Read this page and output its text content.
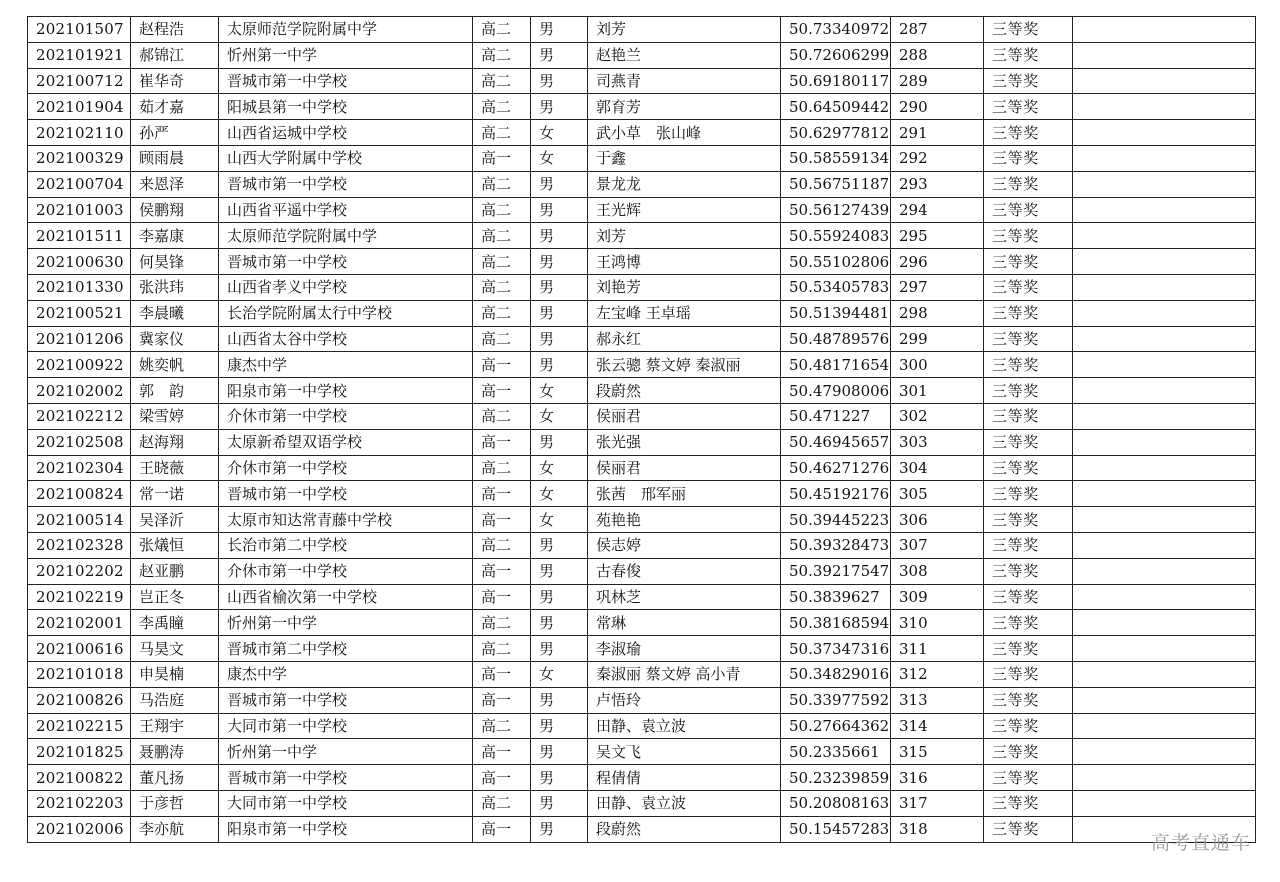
202101507	赵程浩	太原师范学院附属中学	高二	男	刘芳	50.73340972	287	三等奖	
202101921	郝锦江	忻州第一中学	高二	男	赵艳兰	50.72606299	288	三等奖	
202100712	崔华奇	晋城市第一中学校	高二	男	司燕青	50.69180117	289	三等奖	
202101904	茹才嘉	阳城县第一中学校	高二	男	郭育芳	50.64509442	290	三等奖	
202102110	孙严	山西省运城中学校	高二	女	武小草　张山峰	50.62977812	291	三等奖	
202100329	顾雨晨	山西大学附属中学校	高一	女	于鑫	50.58559134	292	三等奖	
202100704	来恩泽	晋城市第一中学校	高二	男	景龙龙	50.56751187	293	三等奖	
202101003	侯鹏翔	山西省平遥中学校	高二	男	王光辉	50.56127439	294	三等奖	
202101511	李嘉康	太原师范学院附属中学	高二	男	刘芳	50.55924083	295	三等奖	
202100630	何昊锋	晋城市第一中学校	高二	男	王鸿博	50.55102806	296	三等奖	
202101330	张洪玮	山西省孝义中学校	高二	男	刘艳芳	50.53405783	297	三等奖	
202100521	李晨曦	长治学院附属太行中学校	高二	男	左宝峰 王卓瑶	50.51394481	298	三等奖	
202101206	冀家仪	山西省太谷中学校	高二	男	郝永红	50.48789576	299	三等奖	
202100922	姚奕帆	康杰中学	高一	男	张云骢 蔡文婷 秦淑丽	50.48171654	300	三等奖	
202102002	郭　韵	阳泉市第一中学校	高一	女	段蔚然	50.47908006	301	三等奖	
202102212	梁雪婷	介休市第一中学校	高二	女	侯丽君	50.471227	302	三等奖	
202102508	赵海翔	太原新希望双语学校	高一	男	张光强	50.46945657	303	三等奖	
202102304	王晓薇	介休市第一中学校	高二	女	侯丽君	50.46271276	304	三等奖	
202100824	常一诺	晋城市第一中学校	高一	女	张茜　邢军丽	50.45192176	305	三等奖	
202100514	吴泽沂	太原市知达常青藤中学校	高一	女	苑艳艳	50.39445223	306	三等奖	
202102328	张燨恒	长治市第二中学校	高二	男	侯志婷	50.39328473	307	三等奖	
202102202	赵亚鹏	介休市第一中学校	高一	男	古春俊	50.39217547	308	三等奖	
202102219	岂正冬	山西省榆次第一中学校	高一	男	巩林芝	50.3839627	309	三等奖	
202102001	李禹瞳	忻州第一中学	高二	男	常琳	50.38168594	310	三等奖	
202100616	马昊文	晋城市第二中学校	高二	男	李淑瑜	50.37347316	311	三等奖	
202101018	申昊楠	康杰中学	高一	女	秦淑丽 蔡文婷 高小青	50.34829016	312	三等奖	
202100826	马浩庭	晋城市第一中学校	高一	男	卢悟玲	50.33977592	313	三等奖	
202102215	王翔宇	大同市第一中学校	高二	男	田静、袁立波	50.27664362	314	三等奖	
202101825	聂鹏涛	忻州第一中学	高一	男	吴文飞	50.2335661	315	三等奖	
202100822	董凡扬	晋城市第一中学校	高一	男	程倩倩	50.23239859	316	三等奖	
202102203	于彦哲	大同市第一中学校	高二	男	田静、袁立波	50.20808163	317	三等奖	
202102006	李亦航	阳泉市第一中学校	高一	男	段蔚然	50.15457283	318	三等奖	
高考直通车
